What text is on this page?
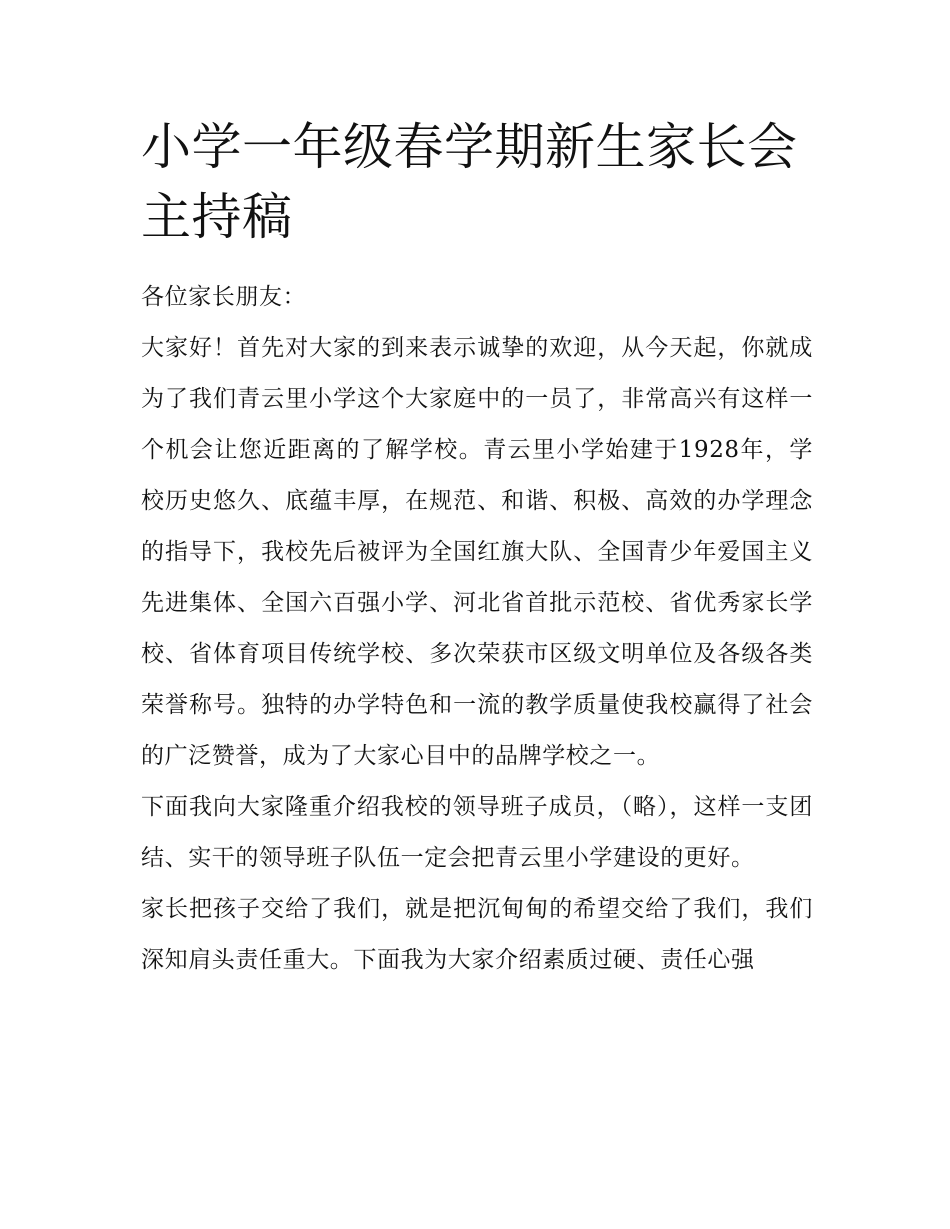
小学一年级春学期新生家长会主持稿

各位家长朋友：

大家好！首先对大家的到来表示诚挚的欢迎，从今天起，你就成为了我们青云里小学这个大家庭中的一员了，非常高兴有这样一个机会让您近距离的了解学校。青云里小学始建于1928年，学校历史悠久、底蕴丰厚，在规范、和谐、积极、高效的办学理念的指导下，我校先后被评为全国红旗大队、全国青少年爱国主义先进集体、全国六百强小学、河北省首批示范校、省优秀家长学校、省体育项目传统学校、多次荣获市区级文明单位及各级各类荣誉称号。独特的办学特色和一流的教学质量使我校赢得了社会的广泛赞誉，成为了大家心目中的品牌学校之一。

下面我向大家隆重介绍我校的领导班子成员，（略），这样一支团结、实干的领导班子队伍一定会把青云里小学建设的更好。

家长把孩子交给了我们，就是把沉甸甸的希望交给了我们，我们深知肩头责任重大。下面我为大家介绍素质过硬、责任心强
